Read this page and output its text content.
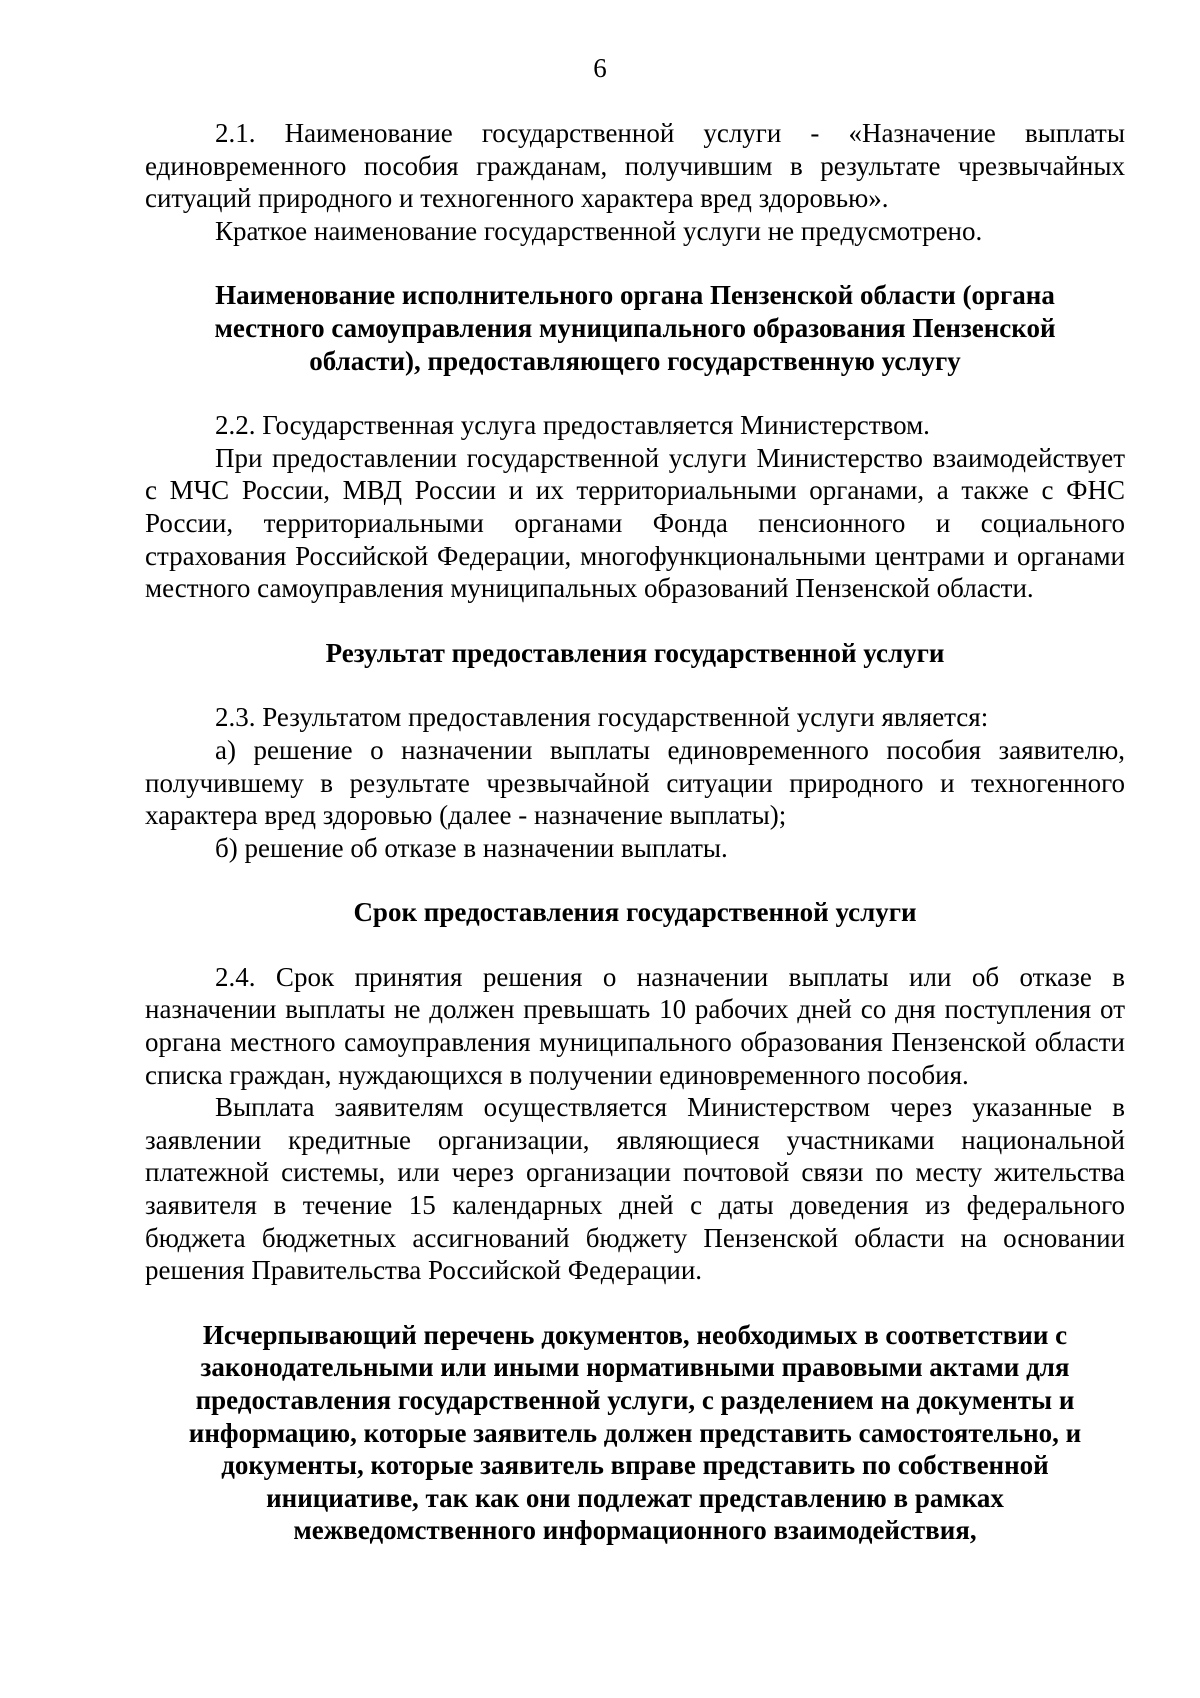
6

2.1. Наименование государственной услуги - «Назначение выплаты единовременного пособия гражданам, получившим в результате чрезвычайных ситуаций природного и техногенного характера вред здоровью».

Краткое наименование государственной услуги не предусмотрено.

Наименование исполнительного органа Пензенской области (органа местного самоуправления муниципального образования Пензенской области), предоставляющего государственную услугу

2.2. Государственная услуга предоставляется Министерством.

При предоставлении государственной услуги Министерство взаимодействует с МЧС России, МВД России и их территориальными органами, а также с ФНС России, территориальными органами Фонда пенсионного и социального страхования Российской Федерации, многофункциональными центрами и органами местного самоуправления муниципальных образований Пензенской области.

Результат предоставления государственной услуги

2.3. Результатом предоставления государственной услуги является:

а) решение о назначении выплаты единовременного пособия заявителю, получившему в результате чрезвычайной ситуации природного и техногенного характера вред здоровью (далее - назначение выплаты);

б) решение об отказе в назначении выплаты.

Срок предоставления государственной услуги

2.4. Срок принятия решения о назначении выплаты или об отказе в назначении выплаты не должен превышать 10 рабочих дней со дня поступления от органа местного самоуправления муниципального образования Пензенской области списка граждан, нуждающихся в получении единовременного пособия.

Выплата заявителям осуществляется Министерством через указанные в заявлении кредитные организации, являющиеся участниками национальной платежной системы, или через организации почтовой связи по месту жительства заявителя в течение 15 календарных дней с даты доведения из федерального бюджета бюджетных ассигнований бюджету Пензенской области на основании решения Правительства Российской Федерации.

Исчерпывающий перечень документов, необходимых в соответствии с законодательными или иными нормативными правовыми актами для предоставления государственной услуги, с разделением на документы и информацию, которые заявитель должен представить самостоятельно, и документы, которые заявитель вправе представить по собственной инициативе, так как они подлежат представлению в рамках межведомственного информационного взаимодействия,
